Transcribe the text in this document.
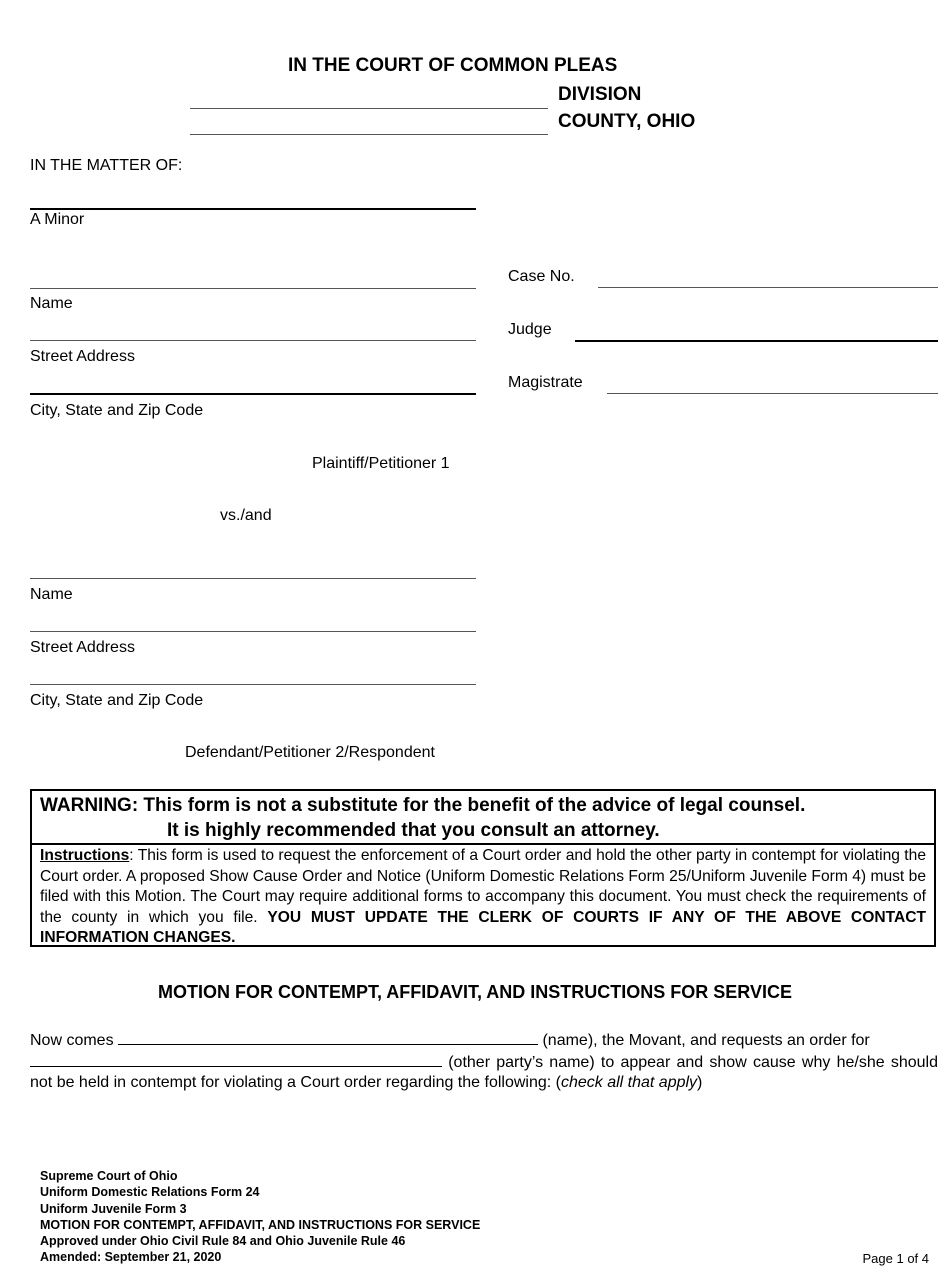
IN THE COURT OF COMMON PLEAS
DIVISION
COUNTY, OHIO
IN THE MATTER OF:
A Minor
Name
Street Address
City, State and Zip Code
Plaintiff/Petitioner 1
vs./and
Name
Street Address
City, State and Zip Code
Defendant/Petitioner 2/Respondent
Case No.
Judge
Magistrate
WARNING: This form is not a substitute for the benefit of the advice of legal counsel.
It is highly recommended that you consult an attorney.
Instructions: This form is used to request the enforcement of a Court order and hold the other party in contempt for violating the Court order. A proposed Show Cause Order and Notice (Uniform Domestic Relations Form 25/Uniform Juvenile Form 4) must be filed with this Motion. The Court may require additional forms to accompany this document. You must check the requirements of the county in which you file. YOU MUST UPDATE THE CLERK OF COURTS IF ANY OF THE ABOVE CONTACT INFORMATION CHANGES.
MOTION FOR CONTEMPT, AFFIDAVIT, AND INSTRUCTIONS FOR SERVICE
Now comes	(name), the Movant, and requests an order for
(other party’s name) to appear and show cause why he/she should not be held in contempt for violating a Court order regarding the following: (check all that apply)
Supreme Court of Ohio
Uniform Domestic Relations Form 24
Uniform Juvenile Form 3
MOTION FOR CONTEMPT, AFFIDAVIT, AND INSTRUCTIONS FOR SERVICE
Approved under Ohio Civil Rule 84 and Ohio Juvenile Rule 46
Amended: September 21, 2020	Page 1 of 4
